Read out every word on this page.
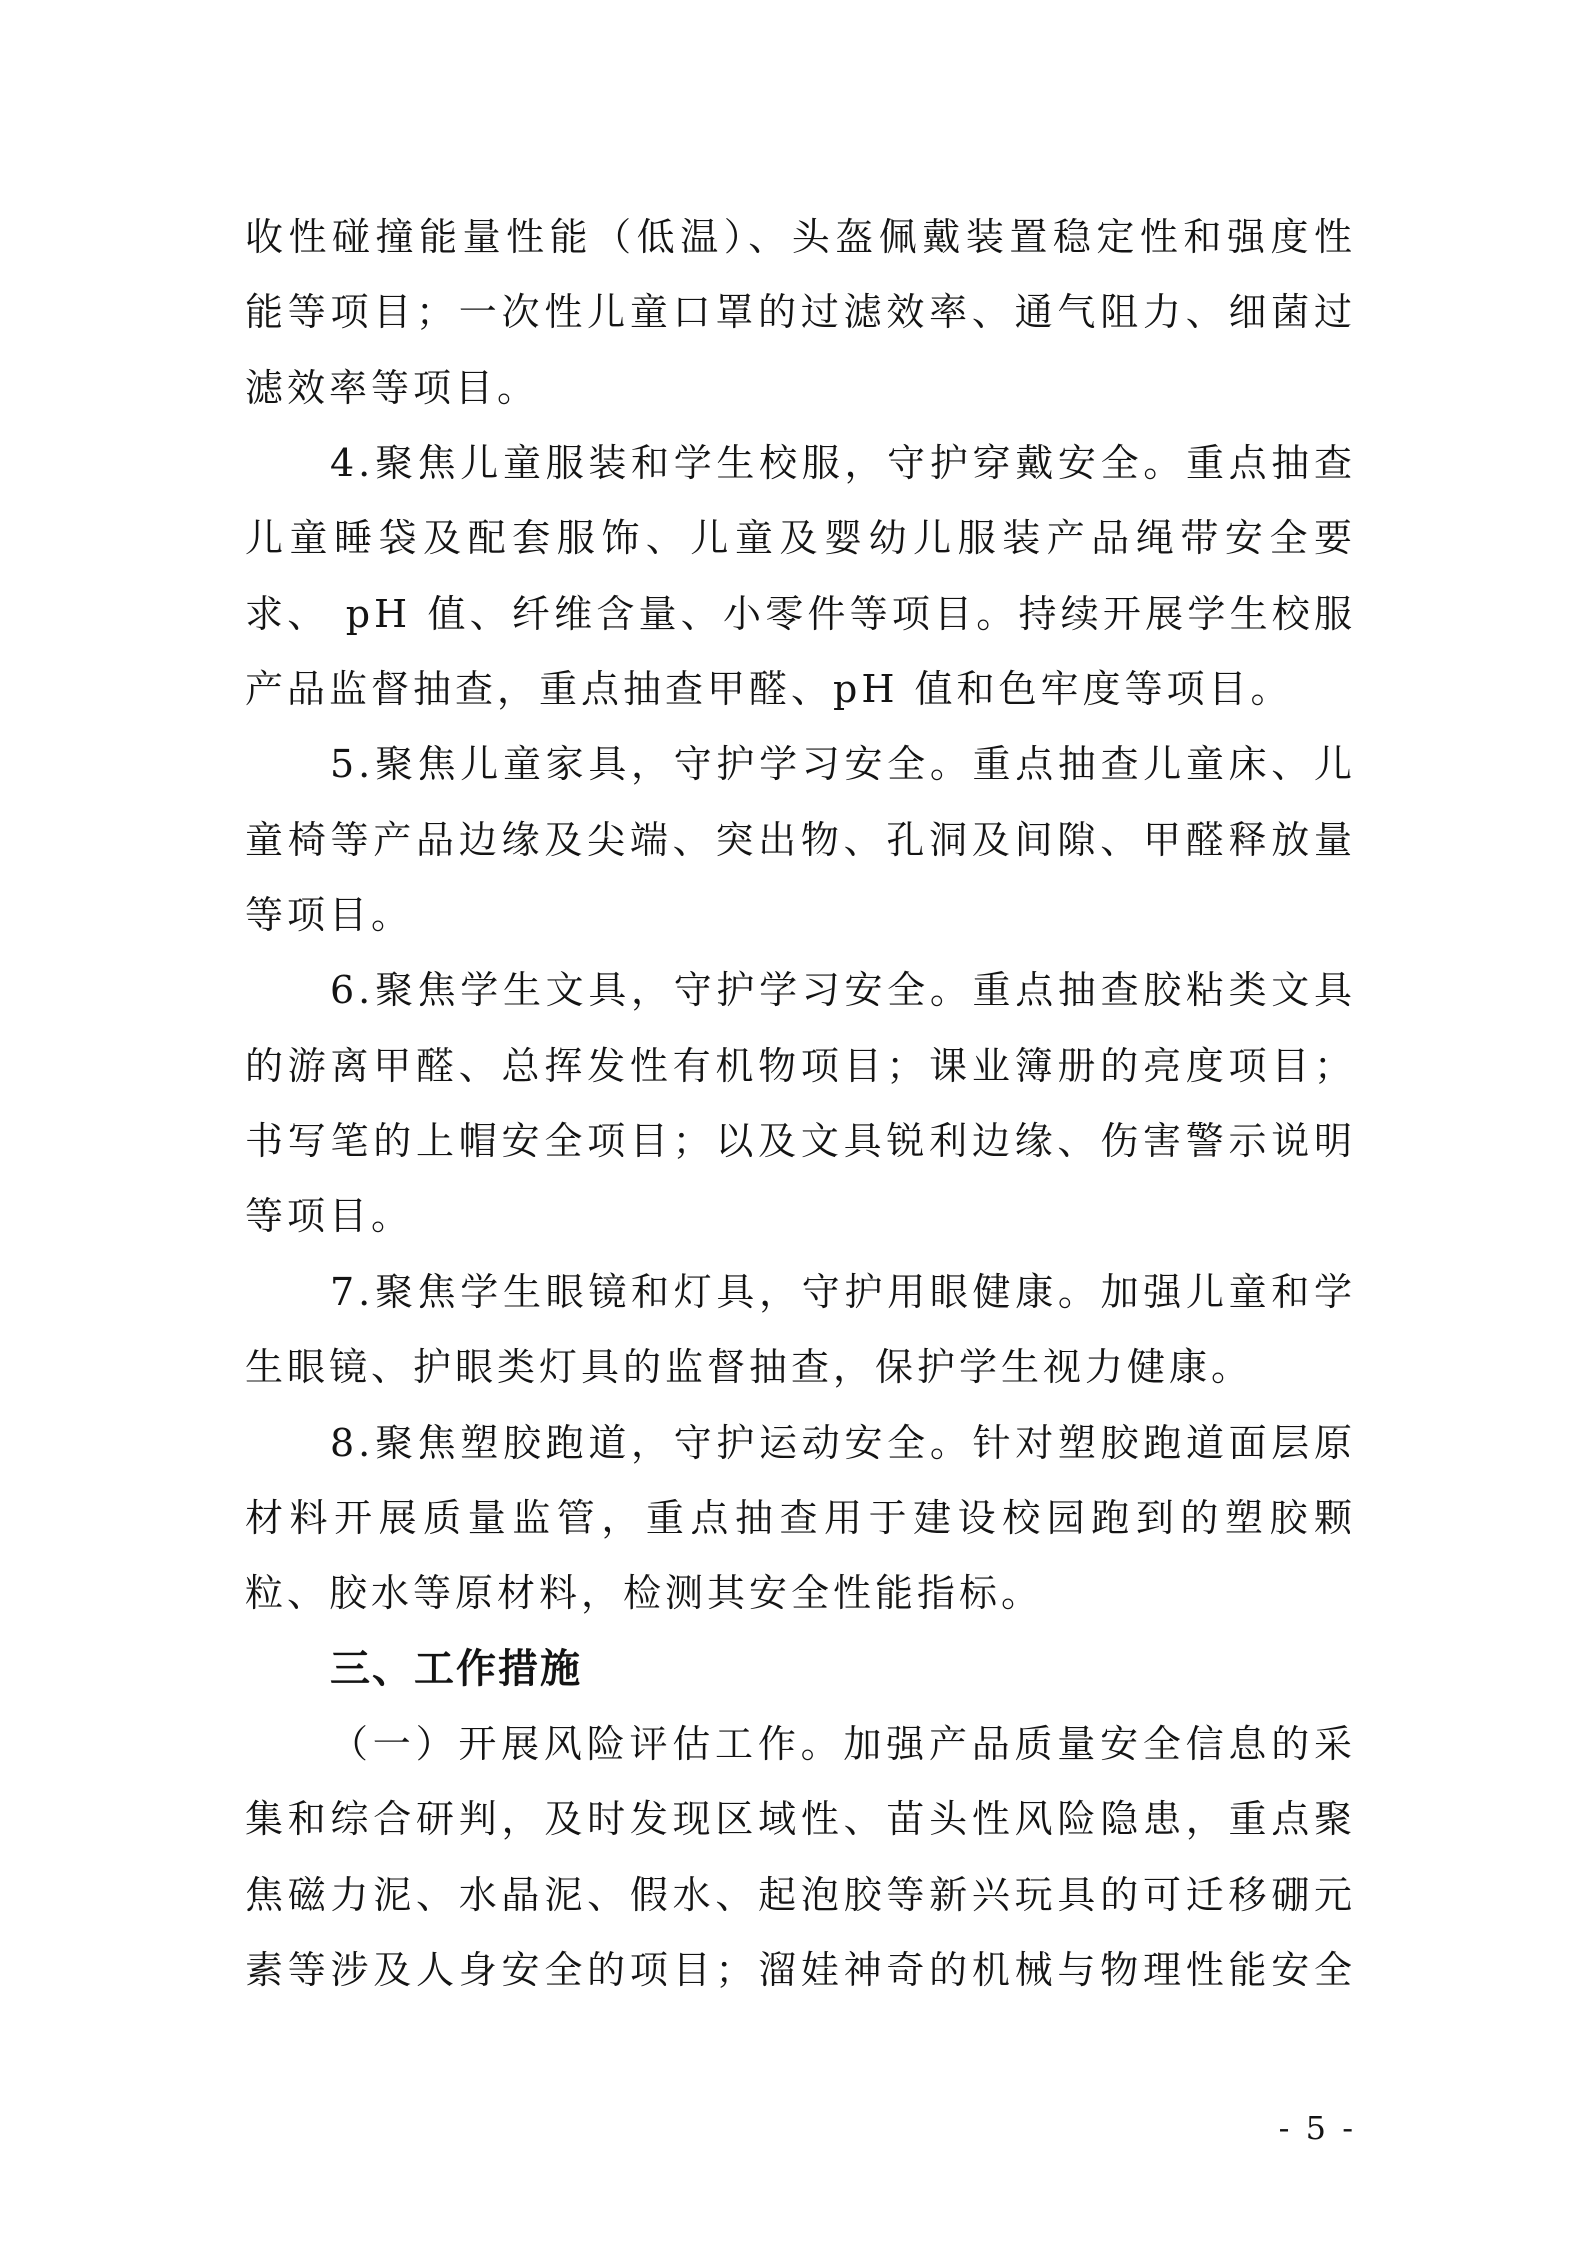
收性碰撞能量性能（低温）、头盔佩戴装置稳定性和强度性
能等项目；一次性儿童口罩的过滤效率、通气阻力、细菌过
滤效率等项目。
4.聚焦儿童服装和学生校服，守护穿戴安全。重点抽查
儿童睡袋及配套服饰、儿童及婴幼儿服装产品绳带安全要
求、 pH 值、纤维含量、小零件等项目。持续开展学生校服
产品监督抽查，重点抽查甲醛、pH 值和色牢度等项目。
5.聚焦儿童家具，守护学习安全。重点抽查儿童床、儿
童椅等产品边缘及尖端、突出物、孔洞及间隙、甲醛释放量
等项目。
6.聚焦学生文具，守护学习安全。重点抽查胶粘类文具
的游离甲醛、总挥发性有机物项目；课业簿册的亮度项目；
书写笔的上帽安全项目；以及文具锐利边缘、伤害警示说明
等项目。
7.聚焦学生眼镜和灯具，守护用眼健康。加强儿童和学
生眼镜、护眼类灯具的监督抽查，保护学生视力健康。
8.聚焦塑胶跑道，守护运动安全。针对塑胶跑道面层原
材料开展质量监管，重点抽查用于建设校园跑到的塑胶颗
粒、胶水等原材料，检测其安全性能指标。
三、工作措施
（一）开展风险评估工作。加强产品质量安全信息的采
集和综合研判，及时发现区域性、苗头性风险隐患，重点聚
焦磁力泥、水晶泥、假水、起泡胶等新兴玩具的可迁移硼元
素等涉及人身安全的项目；溜娃神奇的机械与物理性能安全
- 5 -
